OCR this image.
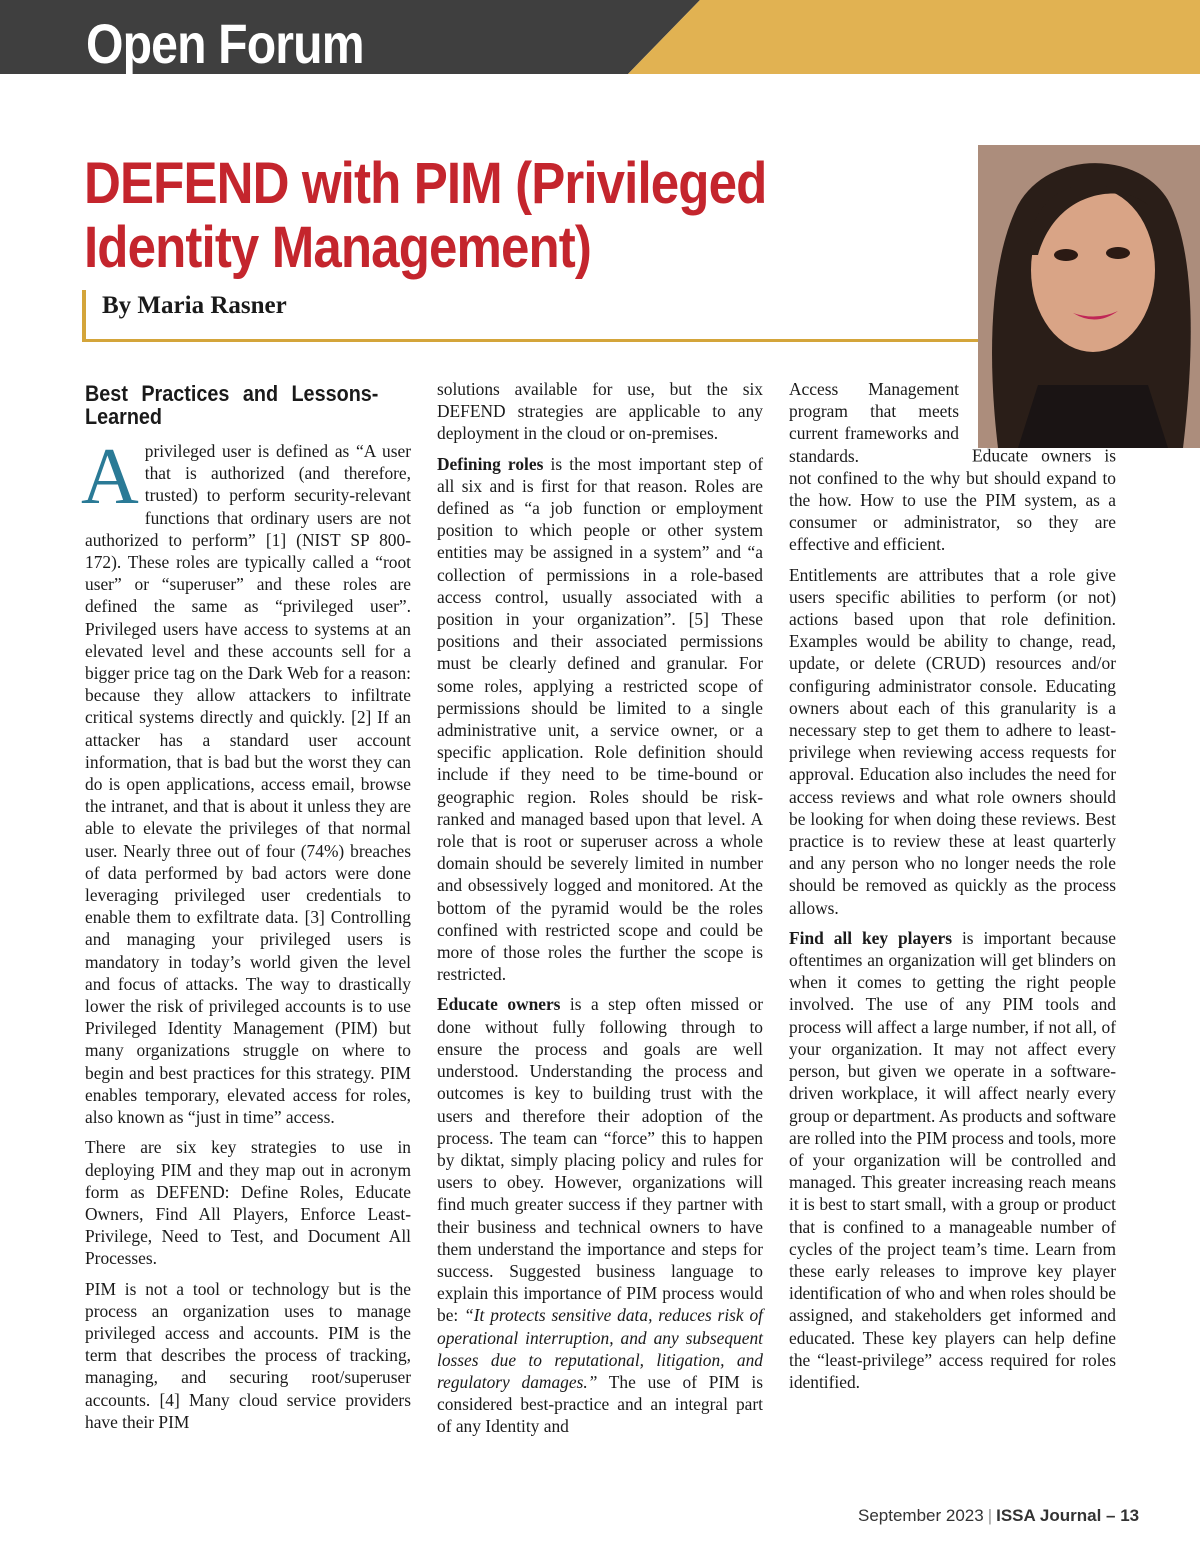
Open Forum
DEFEND with PIM (Privileged Identity Management)
By Maria Rasner
Best Practices and Lessons-Learned

A privileged user is defined as “A user that is authorized (and therefore, trusted) to perform security-relevant functions that ordinary users are not authorized to perform” [1] (NIST SP 800-172). These roles are typically called a “root user” or “superuser” and these roles are defined the same as “privileged user”. Privileged users have access to systems at an elevated level and these accounts sell for a bigger price tag on the Dark Web for a reason: because they allow attackers to infiltrate critical systems directly and quickly. [2] If an attacker has a standard user account information, that is bad but the worst they can do is open applications, access email, browse the intranet, and that is about it unless they are able to elevate the privileges of that normal user. Nearly three out of four (74%) breaches of data performed by bad actors were done leveraging privileged user credentials to enable them to exfiltrate data. [3] Controlling and managing your privileged users is mandatory in today’s world given the level and focus of attacks. The way to drastically lower the risk of privileged accounts is to use Privileged Identity Management (PIM) but many organizations struggle on where to begin and best practices for this strategy. PIM enables temporary, elevated access for roles, also known as “just in time” access.

There are six key strategies to use in deploying PIM and they map out in acronym form as DEFEND: Define Roles, Educate Owners, Find All Players, Enforce Least-Privilege, Need to Test, and Document All Processes.

PIM is not a tool or technology but is the process an organization uses to manage privileged access and accounts. PIM is the term that describes the process of tracking, managing, and securing root/superuser accounts. [4] Many cloud service providers have their PIM

solutions available for use, but the six DEFEND strategies are applicable to any deployment in the cloud or on-premises.

Defining roles is the most important step of all six and is first for that reason. Roles are defined as “a job function or employment position to which people or other system entities may be assigned in a system” and “a collection of permissions in a role-based access control, usually associated with a position in your organization”. [5] These positions and their associated permissions must be clearly defined and granular. For some roles, applying a restricted scope of permissions should be limited to a single administrative unit, a service owner, or a specific application. Role definition should include if they need to be time-bound or geographic region. Roles should be risk-ranked and managed based upon that level. A role that is root or superuser across a whole domain should be severely limited in number and obsessively logged and monitored. At the bottom of the pyramid would be the roles confined with restricted scope and could be more of those roles the further the scope is restricted.

Educate owners is a step often missed or done without fully following through to ensure the process and goals are well understood. Understanding the process and outcomes is key to building trust with the users and therefore their adoption of the process. The team can “force” this to happen by diktat, simply placing policy and rules for users to obey. However, organizations will find much greater success if they partner with their business and technical owners to have them understand the importance and steps for success. Suggested business language to explain this importance of PIM process would be: “It protects sensitive data, reduces risk of operational interruption, and any subsequent losses due to reputational, litigation, and regulatory damages.” The use of PIM is considered best-practice and an integral part of any Identity and

Access Management program that meets current frameworks and standards.	Educate owners is not confined to the why but should expand to the how. How to use the PIM system, as a consumer or administrator, so they are effective and efficient.

Entitlements are attributes that a role give users specific abilities to perform (or not) actions based upon that role definition. Examples would be ability to change, read, update, or delete (CRUD) resources and/or configuring administrator console. Educating owners about each of this granularity is a necessary step to get them to adhere to least-privilege when reviewing access requests for approval. Education also includes the need for access reviews and what role owners should be looking for when doing these reviews. Best practice is to review these at least quarterly and any person who no longer needs the role should be removed as quickly as the process allows.

Find all key players is important because oftentimes an organization will get blinders on when it comes to getting the right people involved. The use of any PIM tools and process will affect a large number, if not all, of your organization. It may not affect every person, but given we operate in a software-driven workplace, it will affect nearly every group or department. As products and software are rolled into the PIM process and tools, more of your organization will be controlled and managed. This greater increasing reach means it is best to start small, with a group or product that is confined to a manageable number of cycles of the project team’s time. Learn from these early releases to improve key player identification of who and when roles should be assigned, and stakeholders get informed and educated. These key players can help define the “least-privilege” access required for roles identified.

September 2023 | ISSA Journal – 13
